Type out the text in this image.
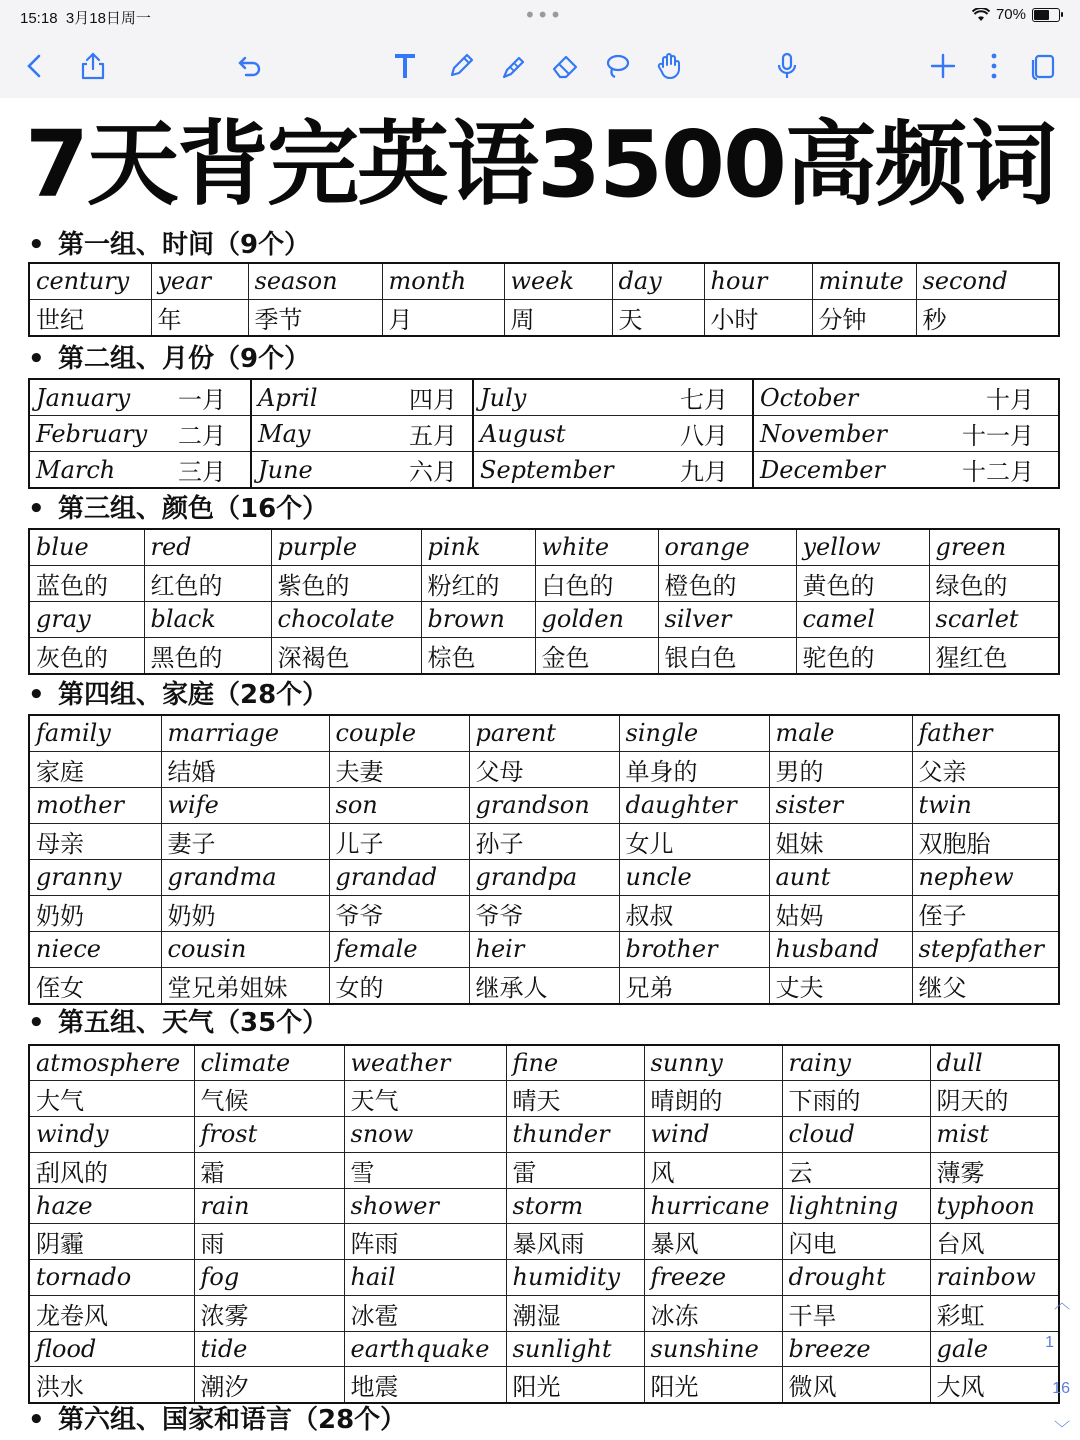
15:18 3月18日周一	•••	70%
7天背完英语3500高频词
• 第一组、时间（9个）
century	year	season	month	week	day	hour	minute	second
世纪	年	季节	月	周	天	小时	分钟	秒
• 第二组、月份（9个）
January	一月	April	四月	July	七月	October	十月
February	二月	May	五月	August	八月	November	十一月
March	三月	June	六月	September	九月	December	十二月
• 第三组、颜色（16个）
blue	red	purple	pink	white	orange	yellow	green
蓝色的	红色的	紫色的	粉红的	白色的	橙色的	黄色的	绿色的
gray	black	chocolate	brown	golden	silver	camel	scarlet
灰色的	黑色的	深褐色	棕色	金色	银白色	驼色的	猩红色
• 第四组、家庭（28个）
family	marriage	couple	parent	single	male	father
家庭	结婚	夫妻	父母	单身的	男的	父亲
mother	wife	son	grandson	daughter	sister	twin
母亲	妻子	儿子	孙子	女儿	姐妹	双胞胎
granny	grandma	grandad	grandpa	uncle	aunt	nephew
奶奶	奶奶	爷爷	爷爷	叔叔	姑妈	侄子
niece	cousin	female	heir	brother	husband	stepfather
侄女	堂兄弟姐妹	女的	继承人	兄弟	丈夫	继父
• 第五组、天气（35个）
atmosphere	climate	weather	fine	sunny	rainy	dull
大气	气候	天气	晴天	晴朗的	下雨的	阴天的
windy	frost	snow	thunder	wind	cloud	mist
刮风的	霜	雪	雷	风	云	薄雾
haze	rain	shower	storm	hurricane	lightning	typhoon
阴霾	雨	阵雨	暴风雨	暴风	闪电	台风
tornado	fog	hail	humidity	freeze	drought	rainbow
龙卷风	浓雾	冰雹	潮湿	冰冻	干旱	彩虹
flood	tide	earthquake	sunlight	sunshine	breeze	gale
洪水	潮汐	地震	阳光	阳光	微风	大风
• 第六组、国家和语言（28个）
︿
1
16
﹀
